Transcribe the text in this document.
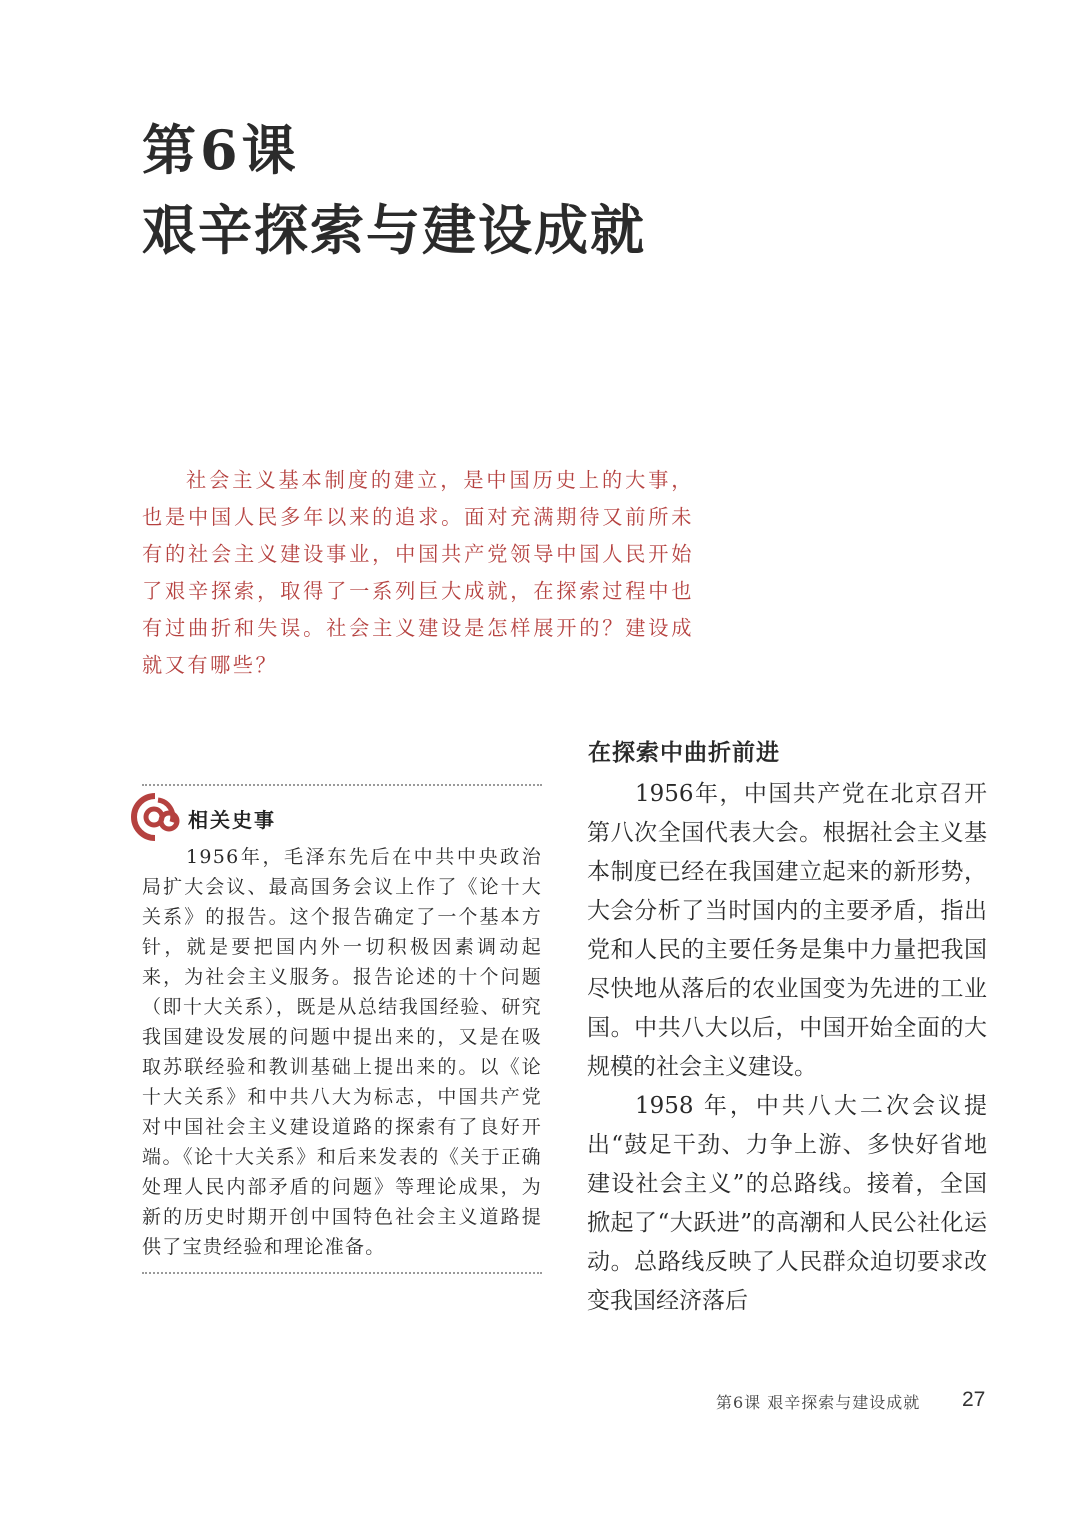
第6课
艰辛探索与建设成就
社会主义基本制度的建立，是中国历史上的大事，也是中国人民多年以来的追求。面对充满期待又前所未有的社会主义建设事业，中国共产党领导中国人民开始了艰辛探索，取得了一系列巨大成就，在探索过程中也有过曲折和失误。社会主义建设是怎样展开的？建设成就又有哪些？
相关史事
1956年，毛泽东先后在中共中央政治局扩大会议、最高国务会议上作了《论十大关系》的报告。这个报告确定了一个基本方针，就是要把国内外一切积极因素调动起来，为社会主义服务。报告论述的十个问题（即十大关系），既是从总结我国经验、研究我国建设发展的问题中提出来的，又是在吸取苏联经验和教训基础上提出来的。以《论十大关系》和中共八大为标志，中国共产党对中国社会主义建设道路的探索有了良好开端。《论十大关系》和后来发表的《关于正确处理人民内部矛盾的问题》等理论成果，为新的历史时期开创中国特色社会主义道路提供了宝贵经验和理论准备。
在探索中曲折前进

1956年，中国共产党在北京召开第八次全国代表大会。根据社会主义基本制度已经在我国建立起来的新形势，大会分析了当时国内的主要矛盾，指出党和人民的主要任务是集中力量把我国尽快地从落后的农业国变为先进的工业国。中共八大以后，中国开始全面的大规模的社会主义建设。

1958 年，中共八大二次会议提出“鼓足干劲、力争上游、多快好省地建设社会主义”的总路线。接着，全国掀起了“大跃进”的高潮和人民公社化运动。总路线反映了人民群众迫切要求改变我国经济落后

第6课 艰辛探索与建设成就 27
